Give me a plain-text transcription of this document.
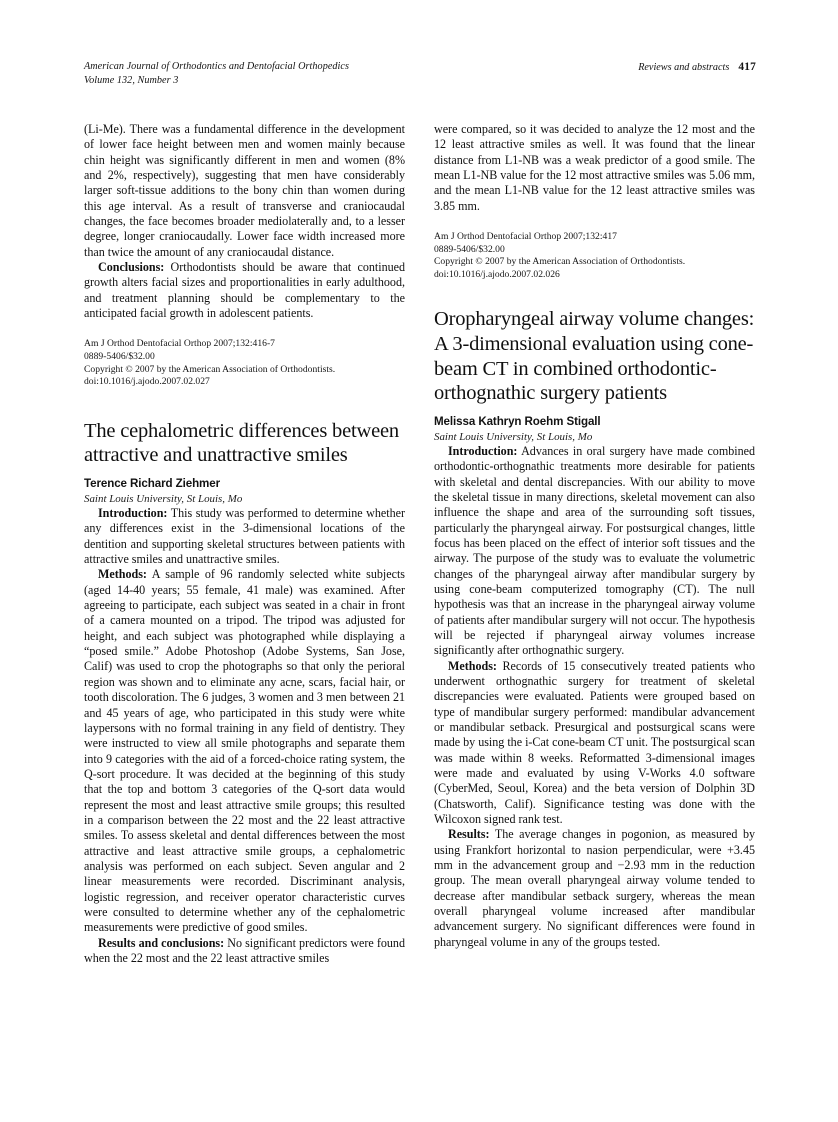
American Journal of Orthodontics and Dentofacial Orthopedics
Volume 132, Number 3
Reviews and abstracts 417

(Li-Me). There was a fundamental difference in the development of lower face height between men and women mainly because chin height was significantly different in men and women (8% and 2%, respectively), suggesting that men have considerably larger soft-tissue additions to the bony chin than women during this age interval. As a result of transverse and craniocaudal changes, the face becomes broader mediolaterally and, to a lesser degree, longer craniocaudally. Lower face width increased more than twice the amount of any craniocaudal distance.

Conclusions: Orthodontists should be aware that continued growth alters facial sizes and proportionalities in early adulthood, and treatment planning should be complementary to the anticipated facial growth in adolescent patients.

Am J Orthod Dentofacial Orthop 2007;132:416-7
0889-5406/$32.00
Copyright © 2007 by the American Association of Orthodontists.
doi:10.1016/j.ajodo.2007.02.027
The cephalometric differences between attractive and unattractive smiles
Terence Richard Ziehmer
Saint Louis University, St Louis, Mo

Introduction: This study was performed to determine whether any differences exist in the 3-dimensional locations of the dentition and supporting skeletal structures between patients with attractive smiles and unattractive smiles.

Methods: A sample of 96 randomly selected white subjects (aged 14-40 years; 55 female, 41 male) was examined. After agreeing to participate, each subject was seated in a chair in front of a camera mounted on a tripod. The tripod was adjusted for height, and each subject was photographed while displaying a “posed smile.” Adobe Photoshop (Adobe Systems, San Jose, Calif) was used to crop the photographs so that only the perioral region was shown and to eliminate any acne, scars, facial hair, or tooth discoloration. The 6 judges, 3 women and 3 men between 21 and 45 years of age, who participated in this study were white laypersons with no formal training in any field of dentistry. They were instructed to view all smile photographs and separate them into 9 categories with the aid of a forced-choice rating system, the Q-sort procedure. It was decided at the beginning of this study that the top and bottom 3 categories of the Q-sort data would represent the most and least attractive smile groups; this resulted in a comparison between the 22 most and the 22 least attractive smiles. To assess skeletal and dental differences between the most attractive and least attractive smile groups, a cephalometric analysis was performed on each subject. Seven angular and 2 linear measurements were recorded. Discriminant analysis, logistic regression, and receiver operator characteristic curves were consulted to determine whether any of the cephalometric measurements were predictive of good smiles.

Results and conclusions: No significant predictors were found when the 22 most and the 22 least attractive smiles

were compared, so it was decided to analyze the 12 most and the 12 least attractive smiles as well. It was found that the linear distance from L1-NB was a weak predictor of a good smile. The mean L1-NB value for the 12 most attractive smiles was 5.06 mm, and the mean L1-NB value for the 12 least attractive smiles was 3.85 mm.

Am J Orthod Dentofacial Orthop 2007;132:417
0889-5406/$32.00
Copyright © 2007 by the American Association of Orthodontists.
doi:10.1016/j.ajodo.2007.02.026
Oropharyngeal airway volume changes: A 3-dimensional evaluation using cone-beam CT in combined orthodontic-orthognathic surgery patients
Melissa Kathryn Roehm Stigall
Saint Louis University, St Louis, Mo

Introduction: Advances in oral surgery have made combined orthodontic-orthognathic treatments more desirable for patients with skeletal and dental discrepancies. With our ability to move the skeletal tissue in many directions, skeletal movement can also influence the shape and area of the surrounding soft tissues, particularly the pharyngeal airway. For postsurgical changes, little focus has been placed on the effect of interior soft tissues and the airway. The purpose of the study was to evaluate the volumetric changes of the pharyngeal airway after mandibular surgery by using cone-beam computerized tomography (CT). The null hypothesis was that an increase in the pharyngeal airway volume of patients after mandibular surgery will not occur. The hypothesis will be rejected if pharyngeal airway volumes increase significantly after orthognathic surgery.

Methods: Records of 15 consecutively treated patients who underwent orthognathic surgery for treatment of skeletal discrepancies were evaluated. Patients were grouped based on type of mandibular surgery performed: mandibular advancement or mandibular setback. Presurgical and postsurgical scans were made by using the i-Cat cone-beam CT unit. The postsurgical scan was made within 8 weeks. Reformatted 3-dimensional images were made and evaluated by using V-Works 4.0 software (CyberMed, Seoul, Korea) and the beta version of Dolphin 3D (Chatsworth, Calif). Significance testing was done with the Wilcoxon signed rank test.

Results: The average changes in pogonion, as measured by using Frankfort horizontal to nasion perpendicular, were +3.45 mm in the advancement group and −2.93 mm in the reduction group. The mean overall pharyngeal airway volume tended to decrease after mandibular setback surgery, whereas the mean overall pharyngeal volume increased after mandibular advancement surgery. No significant differences were found in pharyngeal volume in any of the groups tested.
